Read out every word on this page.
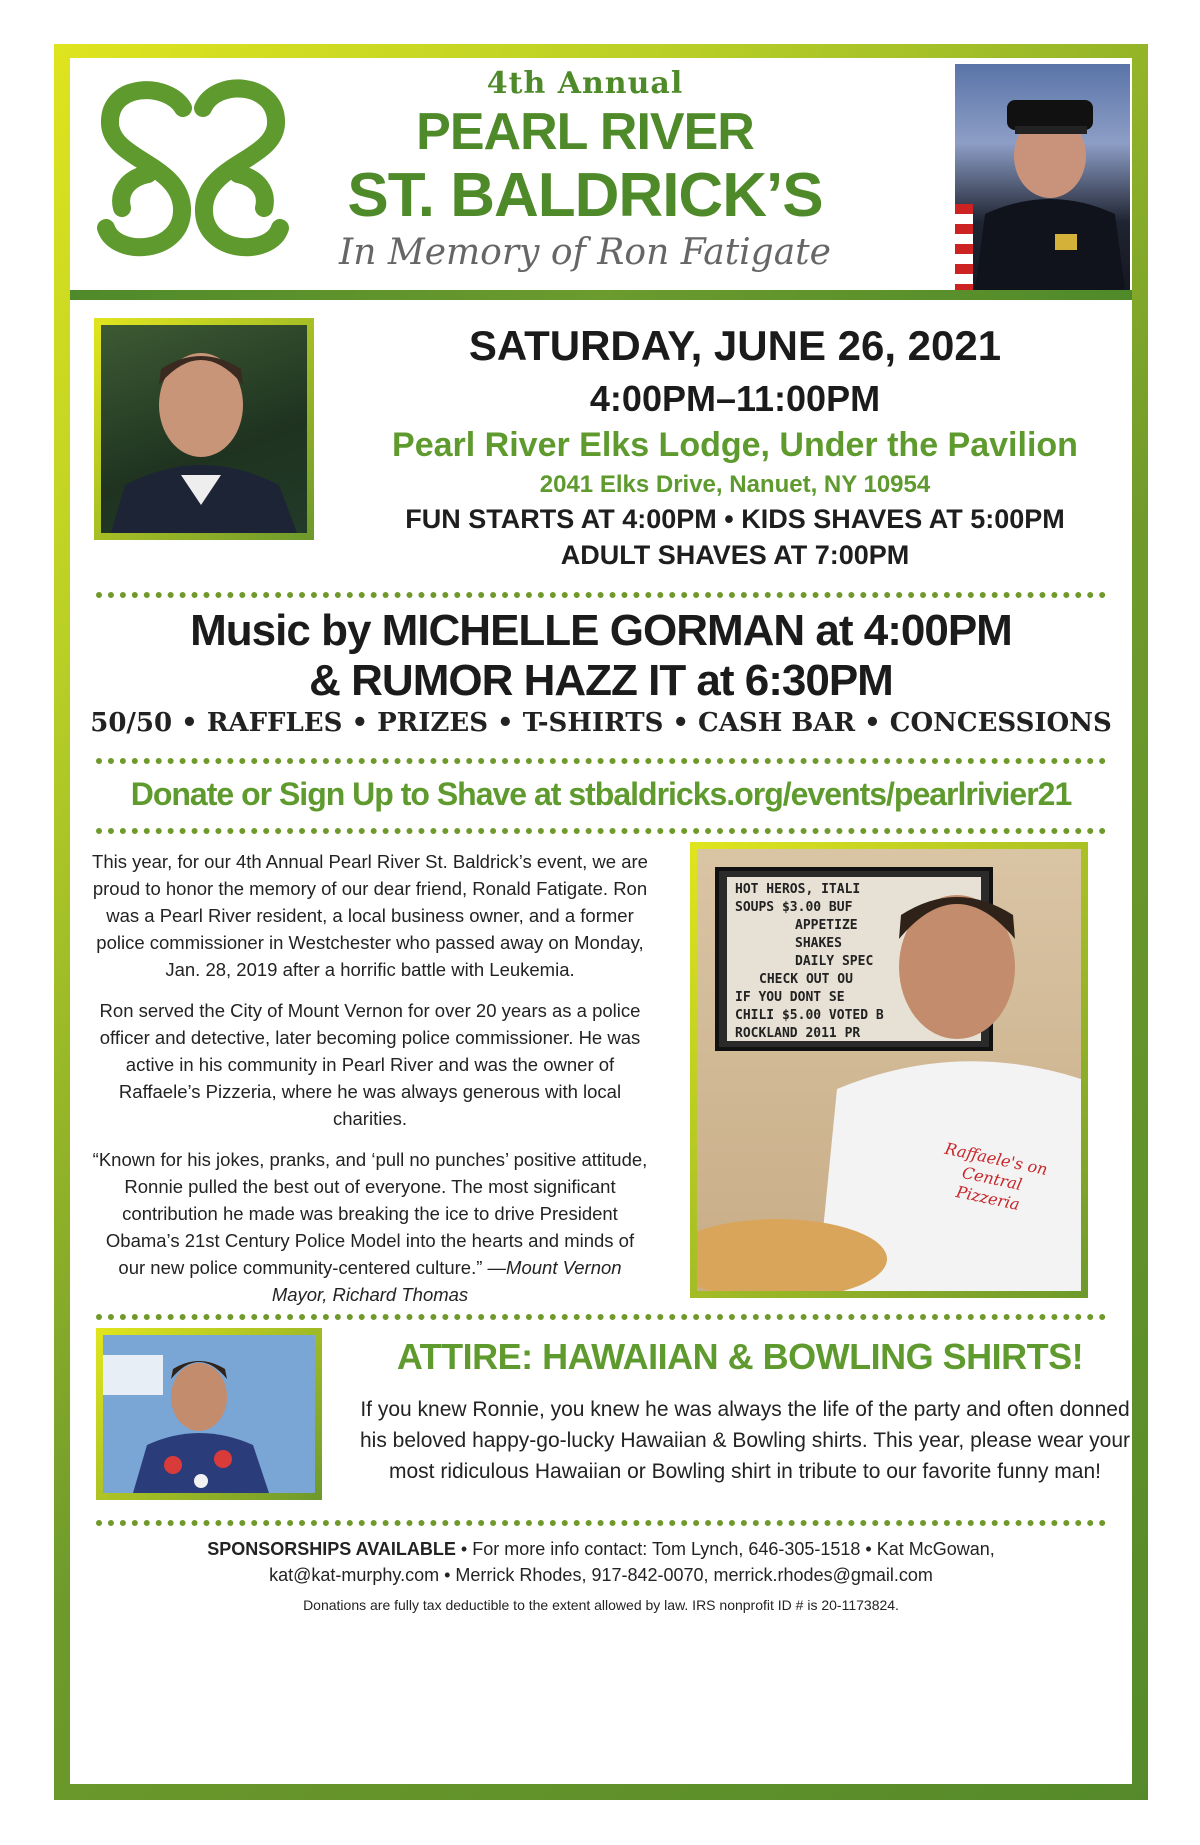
4th Annual
PEARL RIVER
ST. BALDRICK’S
In Memory of Ron Fatigate
SATURDAY, JUNE 26, 2021
4:00PM–11:00PM
Pearl River Elks Lodge, Under the Pavilion
2041 Elks Drive, Nanuet, NY 10954
FUN STARTS AT 4:00PM • KIDS SHAVES AT 5:00PM
ADULT SHAVES AT 7:00PM
Music by MICHELLE GORMAN at 4:00PM
& RUMOR HAZZ IT at 6:30PM
50/50 • RAFFLES • PRIZES • T-SHIRTS • CASH BAR • CONCESSIONS
Donate or Sign Up to Shave at stbaldricks.org/events/pearlrivier21

This year, for our 4th Annual Pearl River St. Baldrick’s event, we are proud to honor the memory of our dear friend, Ronald Fatigate. Ron was a Pearl River resident, a local business owner, and a former police commissioner in Westchester who passed away on Monday, Jan. 28, 2019 after a horrific battle with Leukemia.

Ron served the City of Mount Vernon for over 20 years as a police officer and detective, later becoming police commissioner. He was active in his community in Pearl River and was the owner of Raffaele’s Pizzeria, where he was always generous with local charities.

“Known for his jokes, pranks, and ‘pull no punches’ positive attitude, Ronnie pulled the best out of everyone. The most significant contribution he made was breaking the ice to drive President Obama’s 21st Century Police Model into the hearts and minds of our new police community-centered culture.” —Mount Vernon Mayor, Richard Thomas

HOT HEROS, ITALI
SOUPS $3.00 BUF
APPETIZE
SHAKES
DAILY SPEC
CHECK OUT OU
IF YOU DONT SE
CHILI $5.00 VOTED B
ROCKLAND 2011 PR
Raffaele's on Central Pizzeria
ATTIRE: HAWAIIAN & BOWLING SHIRTS!
If you knew Ronnie, you knew he was always the life of the party and often donned his beloved happy-go-lucky Hawaiian & Bowling shirts. This year, please wear your most ridiculous Hawaiian or Bowling shirt in tribute to our favorite funny man!
SPONSORSHIPS AVAILABLE • For more info contact: Tom Lynch, 646-305-1518 • Kat McGowan,
kat@kat-murphy.com • Merrick Rhodes, 917-842-0070, merrick.rhodes@gmail.com
Donations are fully tax deductible to the extent allowed by law. IRS nonprofit ID # is 20-1173824.
